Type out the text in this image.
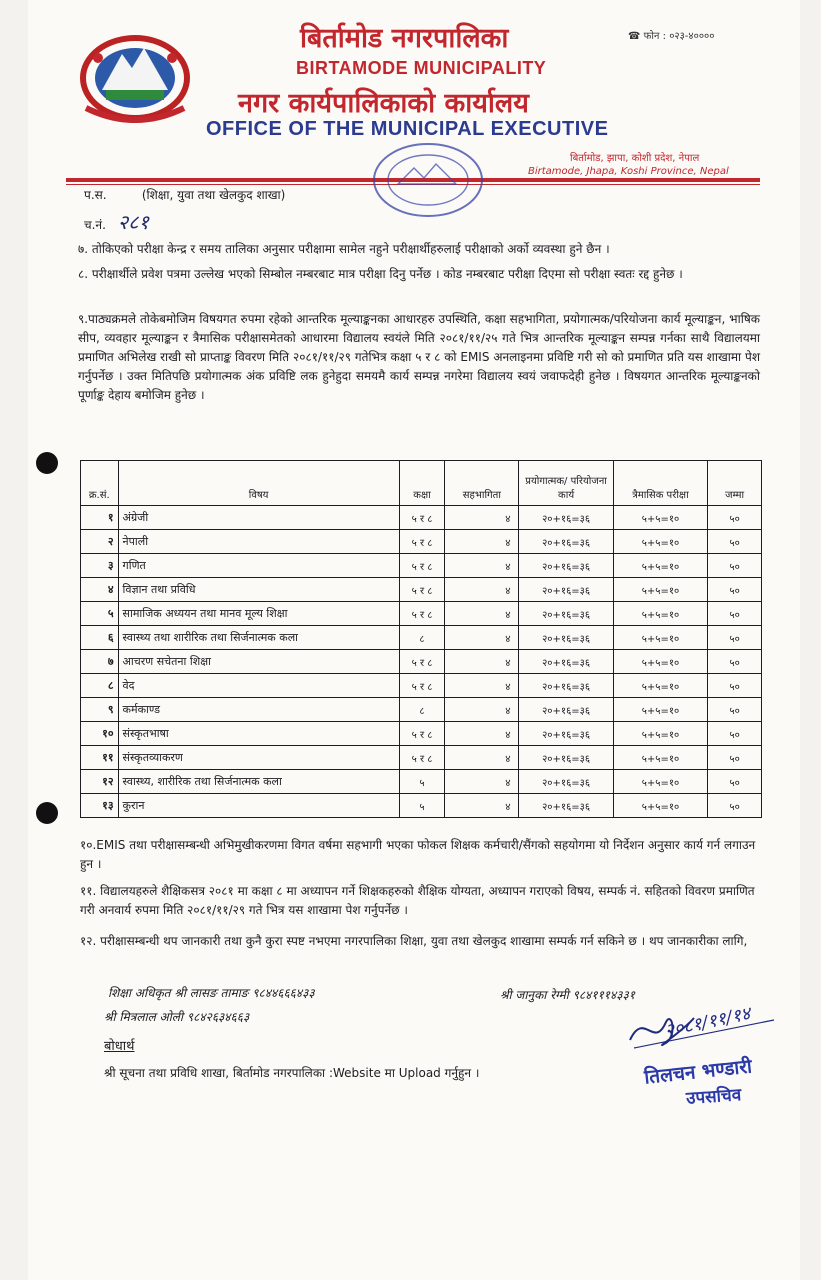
बिर्तामोड नगरपालिका
BIRTAMODE MUNICIPALITY
नगर कार्यपालिकाको कार्यालय
OFFICE OF THE MUNICIPAL EXECUTIVE
☎ फोन : ०२३-४००००
बिर्तामोड, झापा, कोशी प्रदेश, नेपाल
Birtamode, Jhapa, Koshi Province, Nepal
प.स.	(शिक्षा, युवा तथा खेलकुद शाखा)
च.नं. २८१
७. तोकिएको परीक्षा केन्द्र र समय तालिका अनुसार परीक्षामा सामेल नहुने परीक्षार्थीहरुलाई परीक्षाको अर्को व्यवस्था हुने छैन ।
८. परीक्षार्थीले प्रवेश पत्रमा उल्लेख भएको सिम्बोल नम्बरबाट मात्र परीक्षा दिनु पर्नेछ । कोड नम्बरबाट परीक्षा दिएमा सो परीक्षा स्वतः रद्द हुनेछ ।
९.पाठ्यक्रमले तोकेबमोजिम विषयगत रुपमा रहेको आन्तरिक मूल्याङ्कनका आधारहरु उपस्थिति, कक्षा सहभागिता, प्रयोगात्मक/परियोजना कार्य मूल्याङ्कन, भाषिक सीप, व्यवहार मूल्याङ्कन र त्रैमासिक परीक्षासमेतको आधारमा विद्यालय स्वयंले मिति २०८१/११/२५ गते भित्र आन्तरिक मूल्याङ्कन सम्पन्न गर्नका साथै विद्यालयमा प्रमाणित अभिलेख राखी सो प्राप्ताङ्क विवरण मिति २०८१/११/२९ गतेभित्र कक्षा ५ र ८ को EMIS अनलाइनमा प्रविष्टि गरी सो को प्रमाणित प्रति यस शाखामा पेश गर्नुपर्नेछ । उक्त मितिपछि प्रयोगात्मक अंक प्रविष्टि लक हुनेहुदा समयमै कार्य सम्पन्न नगरेमा विद्यालय स्वयं जवाफदेही हुनेछ । विषयगत आन्तरिक मूल्याङ्कनको पूर्णाङ्क देहाय बमोजिम हुनेछ ।
क्र.सं.	विषय	कक्षा	सहभागिता	प्रयोगात्मक/ परियोजना कार्य	त्रैमासिक परीक्षा	जम्मा
१	अंग्रेजी	५ र ८	४	२०+१६=३६	५+५=१०	५०
२	नेपाली	५ र ८	४	२०+१६=३६	५+५=१०	५०
३	गणित	५ र ८	४	२०+१६=३६	५+५=१०	५०
४	विज्ञान तथा प्रविधि	५ र ८	४	२०+१६=३६	५+५=१०	५०
५	सामाजिक अध्ययन तथा मानव मूल्य शिक्षा	५ र ८	४	२०+१६=३६	५+५=१०	५०
६	स्वास्थ्य तथा शारीरिक तथा सिर्जनात्मक कला	८	४	२०+१६=३६	५+५=१०	५०
७	आचरण सचेतना शिक्षा	५ र ८	४	२०+१६=३६	५+५=१०	५०
८	वेद	५ र ८	४	२०+१६=३६	५+५=१०	५०
९	कर्मकाण्ड	८	४	२०+१६=३६	५+५=१०	५०
१०	संस्कृतभाषा	५ र ८	४	२०+१६=३६	५+५=१०	५०
११	संस्कृतव्याकरण	५ र ८	४	२०+१६=३६	५+५=१०	५०
१२	स्वास्थ्य, शारीरिक तथा सिर्जनात्मक कला	५	४	२०+१६=३६	५+५=१०	५०
१३	कुरान	५	४	२०+१६=३६	५+५=१०	५०
१०.EMIS तथा परीक्षासम्बन्धी अभिमुखीकरणमा विगत वर्षमा सहभागी भएका फोकल शिक्षक कर्मचारी/सैंगको सहयोगमा यो निर्देशन अनुसार कार्य गर्न लगाउन हुन ।
११. विद्यालयहरुले शैक्षिकसत्र २०८१ मा कक्षा ८ मा अध्यापन गर्ने शिक्षकहरुको शैक्षिक योग्यता, अध्यापन गराएको विषय, सम्पर्क नं. सहितको विवरण प्रमाणित गरी अनवार्य रुपमा मिति २०८१/११/२९ गते भित्र यस शाखामा पेश गर्नुपर्नेछ ।
१२. परीक्षासम्बन्धी थप जानकारी तथा कुनै कुरा स्पष्ट नभएमा नगरपालिका शिक्षा, युवा तथा खेलकुद शाखामा सम्पर्क गर्न सकिने छ । थप जानकारीका लागि,
शिक्षा अधिकृत श्री लासङ तामाङ ९८४४६६६४३३
श्री मित्रलाल ओली ९८४२६३४६६३
श्री जानुका रेग्मी ९८४१११४३३१
बोधार्थ
श्री सूचना तथा प्रविधि शाखा, बिर्तामोड नगरपालिका :Website मा Upload गर्नुहुन ।
२०८१/११/१४
तिलचन भण्डारी
उपसचिव
